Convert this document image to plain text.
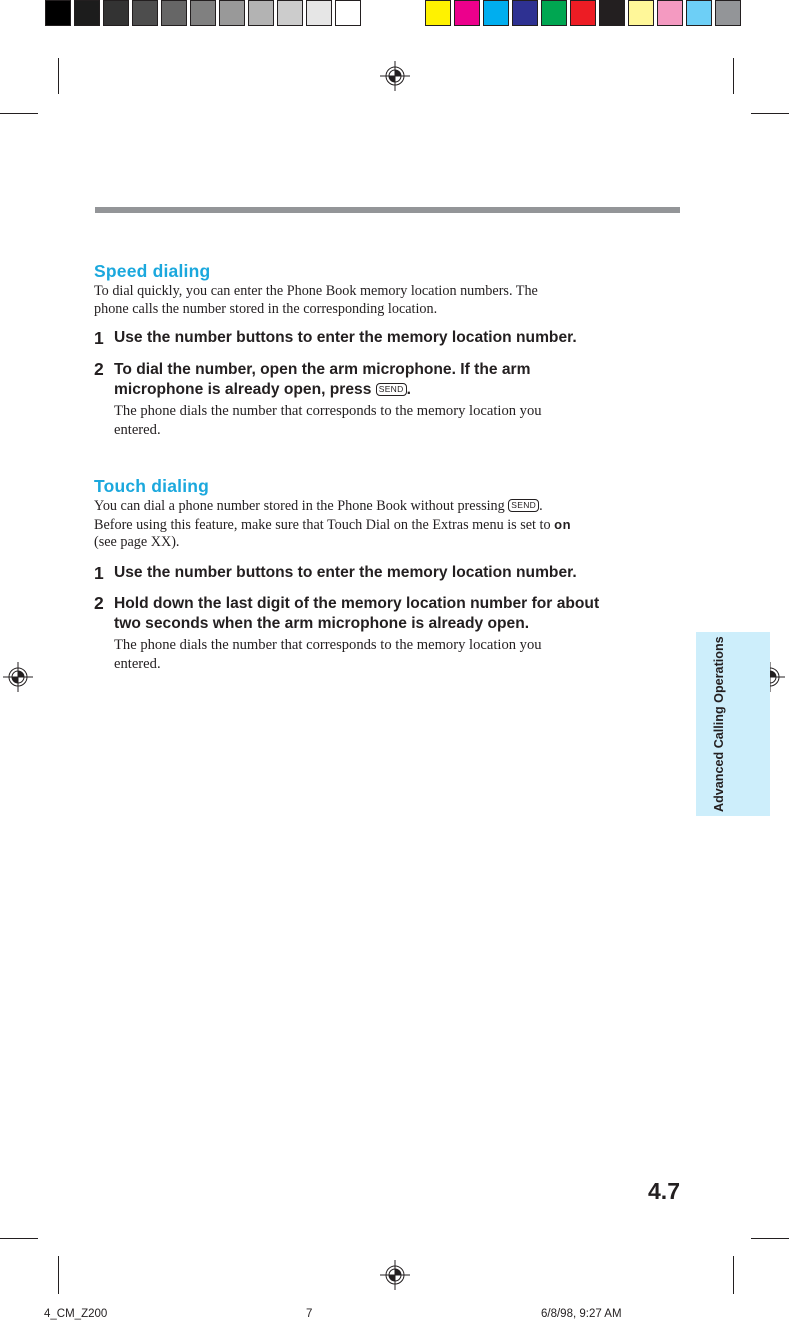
Speed dialing

To dial quickly, you can enter the Phone Book memory location numbers. The
phone calls the number stored in the corresponding location.

1 Use the number buttons to enter the memory location number.

2 To dial the number, open the arm microphone. If the arm
microphone is already open, press SEND .

The phone dials the number that corresponds to the memory location you
entered.

Touch dialing

You can dial a phone number stored in the Phone Book without pressing SEND .
Before using this feature, make sure that Touch Dial on the Extras menu is set to on
(see page XX).

1 Use the number buttons to enter the memory location number.

2 Hold down the last digit of the memory location number for about
two seconds when the arm microphone is already open.

The phone dials the number that corresponds to the memory location you
entered.	Advanced Calling Operations
4.7
4_CM_Z200	7	6/8/98, 9:27 AM
